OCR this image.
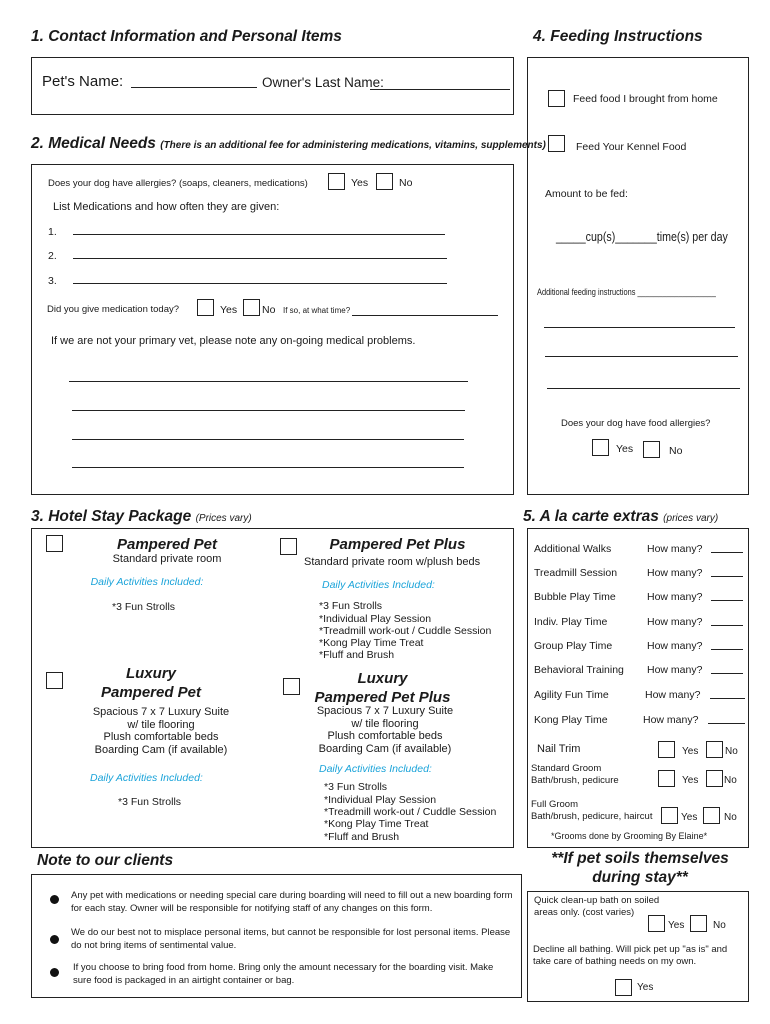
1. Contact Information and Personal Items	4. Feeding Instructions
Pet's Name:	Owner's Last Name:
2. Medical Needs (There is an additional fee for administering medications, vitamins, supplements)
Does your dog have allergies? (soaps, cleaners, medications)	Yes	No
List Medications and how often they are given:
1.
2.
3.
Did you give medication today?	Yes No If so, at what time?
If we are not your primary vet, please note any on-going medical problems.
Feed food I brought from home
Feed Your Kennel Food
Amount to be fed:
_____cup(s)_______time(s) per day
Additional feeding instructions ___________________
Does your dog have food allergies?
Yes	No
3. Hotel Stay Package (Prices vary)
Pampered Pet
Standard private room
Daily Activities Included:
*3 Fun Strolls
Pampered Pet Plus
Standard private room w/plush beds
Daily Activities Included:
*3 Fun Strolls
*Individual Play Session
*Treadmill work-out / Cuddle Session
*Kong Play Time Treat
*Fluff and Brush
Luxury
Pampered Pet
Spacious 7 x 7 Luxury Suite
w/ tile flooring
Plush comfortable beds
Boarding Cam (if available)
Daily Activities Included:
*3 Fun Strolls
Luxury
Pampered Pet Plus
Spacious 7 x 7 Luxury Suite
w/ tile flooring
Plush comfortable beds
Boarding Cam (if available)
Daily Activities Included:
*3 Fun Strolls
*Individual Play Session
*Treadmill work-out / Cuddle Session
*Kong Play Time Treat
*Fluff and Brush
5. A la carte extras (prices vary)
Additional Walks	How many?
Treadmill Session	How many?
Bubble Play Time	How many?
Indiv. Play Time	How many?
Group Play Time	How many?
Behavioral Training How many?
Agility Fun Time	How many?
Kong Play Time	How many?
Nail Trim	Yes	No
Standard Groom
Bath/brush, pedicure	Yes	No
Full Groom
Bath/brush, pedicure, haircut	Yes	No
*Grooms done by Grooming By Elaine*
Note to our clients
Any pet with medications or needing special care during boarding will need to fill out a new boarding form for each stay. Owner will be responsible for notifying staff of any changes on this form.
We do our best not to misplace personal items, but cannot be responsible for lost personal items. Please do not bring items of sentimental value.
If you choose to bring food from home. Bring only the amount necessary for the boarding visit. Make sure food is packaged in an airtight container or bag.
**If pet soils themselves
during stay**
Quick clean-up bath on soiled areas only. (cost varies)
Yes	No
Decline all bathing. Will pick pet up "as is" and take care of bathing needs on my own.
Yes
